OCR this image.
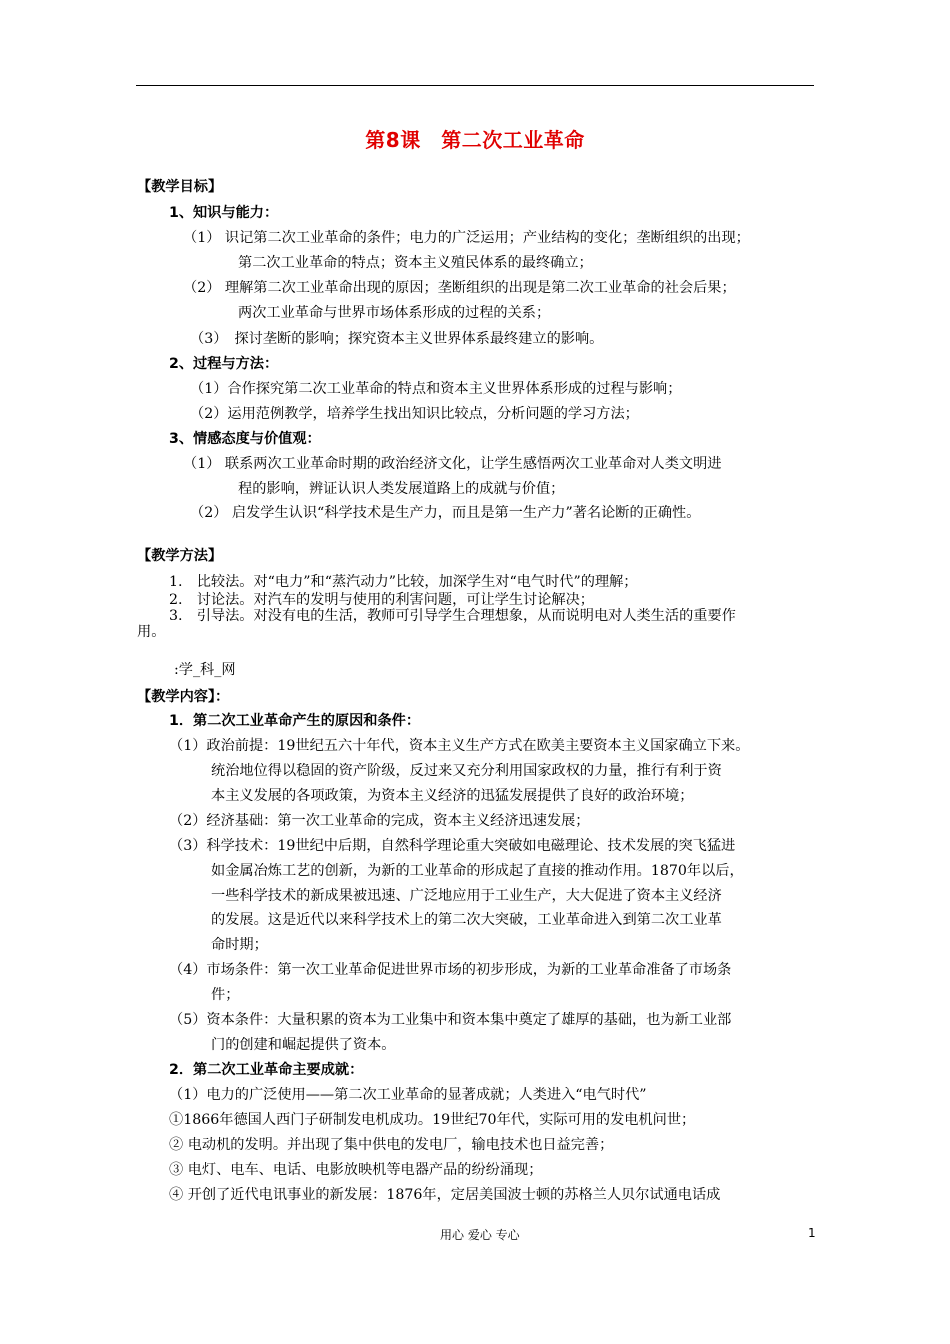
第8课　第二次工业革命
【教学目标】
1、知识与能力：
（1） 识记第二次工业革命的条件；电力的广泛运用；产业结构的变化；垄断组织的出现；
第二次工业革命的特点；资本主义殖民体系的最终确立；
（2） 理解第二次工业革命出现的原因；垄断组织的出现是第二次工业革命的社会后果；
两次工业革命与世界市场体系形成的过程的关系；
（3）　探讨垄断的影响；探究资本主义世界体系最终建立的影响。
2、过程与方法：
（1）合作探究第二次工业革命的特点和资本主义世界体系形成的过程与影响；
（2）运用范例教学，培养学生找出知识比较点，分析问题的学习方法；
3、情感态度与价值观：
（1） 联系两次工业革命时期的政治经济文化，让学生感悟两次工业革命对人类文明进
程的影响，辨证认识人类发展道路上的成就与价值；
（2） 启发学生认识“科学技术是生产力，而且是第一生产力”著名论断的正确性。
【教学方法】
1.　比较法。对“电力”和“蒸汽动力”比较，加深学生对“电气时代”的理解；
2.　讨论法。对汽车的发明与使用的利害问题，可让学生讨论解决；
3.　引导法。对没有电的生活，教师可引导学生合理想象，从而说明电对人类生活的重要作
用。
:学_科_网
【教学内容】：
1．第二次工业革命产生的原因和条件：
（1）政治前提：19世纪五六十年代，资本主义生产方式在欧美主要资本主义国家确立下来。
统治地位得以稳固的资产阶级，反过来又充分利用国家政权的力量，推行有利于资
本主义发展的各项政策，为资本主义经济的迅猛发展提供了良好的政治环境；
（2）经济基础：第一次工业革命的完成，资本主义经济迅速发展；
（3）科学技术：19世纪中后期，自然科学理论重大突破如电磁理论、技术发展的突飞猛进
如金属冶炼工艺的创新，为新的工业革命的形成起了直接的推动作用。1870年以后，
一些科学技术的新成果被迅速、广泛地应用于工业生产，大大促进了资本主义经济
的发展。这是近代以来科学技术上的第二次大突破，工业革命进入到第二次工业革
命时期；
（4）市场条件：第一次工业革命促进世界市场的初步形成，为新的工业革命准备了市场条
件；
（5）资本条件：大量积累的资本为工业集中和资本集中奠定了雄厚的基础，也为新工业部
门的创建和崛起提供了资本。
2．第二次工业革命主要成就：
（1）电力的广泛使用——第二次工业革命的显著成就；人类进入“电气时代”
①1866年德国人西门子研制发电机成功。19世纪70年代，实际可用的发电机问世；
② 电动机的发明。并出现了集中供电的发电厂，输电技术也日益完善；
③ 电灯、电车、电话、电影放映机等电器产品的纷纷涌现；
④ 开创了近代电讯事业的新发展：1876年，定居美国波士顿的苏格兰人贝尔试通电话成
用心 爱心 专心	1
